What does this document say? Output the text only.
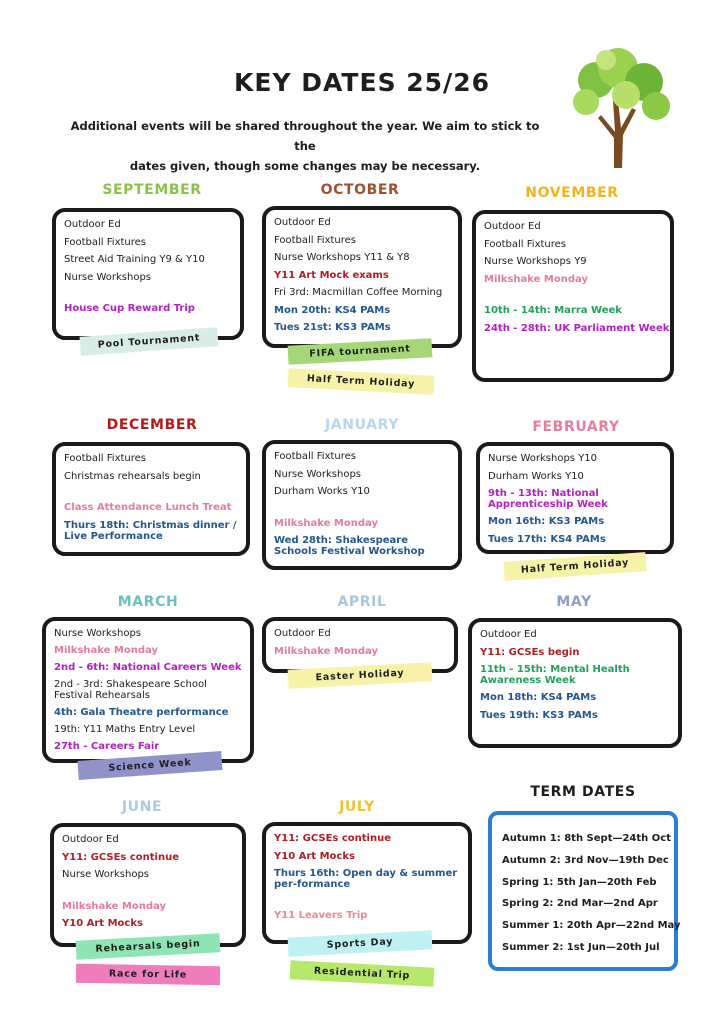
KEY DATES 25/26
Additional events will be shared throughout the year. We aim to stick to the
dates given, though some changes may be necessary.
SEPTEMBER
Outdoor Ed
Football Fixtures
Street Aid Training Y9 & Y10
Nurse Workshops
House Cup Reward Trip
Pool Tournament
OCTOBER
Outdoor Ed
Football Fixtures
Nurse Workshops Y11 & Y8
Y11 Art Mock exams
Fri 3rd: Macmillan Coffee Morning
Mon 20th: KS4 PAMs
Tues 21st: KS3 PAMs
FIFA tournament
Half Term Holiday
NOVEMBER
Outdoor Ed
Football Fixtures
Nurse Workshops Y9
Milkshake Monday
10th - 14th: Marra Week
24th - 28th: UK Parliament Week
DECEMBER
Football Fixtures
Christmas rehearsals begin
Class Attendance Lunch Treat
Thurs 18th: Christmas dinner / Live Performance
JANUARY
Football Fixtures
Nurse Workshops
Durham Works Y10
Milkshake Monday
Wed 28th: Shakespeare Schools Festival Workshop
FEBRUARY
Nurse Workshops Y10
Durham Works Y10
9th - 13th: National Apprenticeship Week
Mon 16th: KS3 PAMs
Tues 17th: KS4 PAMs
Half Term Holiday
MARCH
Nurse Workshops
Milkshake Monday
2nd - 6th: National Careers Week
2nd - 3rd: Shakespeare School Festival Rehearsals
4th: Gala Theatre performance
19th: Y11 Maths Entry Level
27th - Careers Fair
Science Week
APRIL
Outdoor Ed
Milkshake Monday
Easter Holiday
MAY
Outdoor Ed
Y11: GCSEs begin
11th - 15th: Mental Health Awareness Week
Mon 18th: KS4 PAMs
Tues 19th: KS3 PAMs
JUNE
Outdoor Ed
Y11: GCSEs continue
Nurse Workshops
Milkshake Monday
Y10 Art Mocks
Rehearsals begin
Race for Life
JULY
Y11: GCSEs continue
Y10 Art Mocks
Thurs 16th: Open day & summer per-formance
Y11 Leavers Trip
Sports Day
Residential Trip
TERM DATES
Autumn 1: 8th Sept—24th Oct
Autumn 2: 3rd Nov—19th Dec
Spring 1: 5th Jan—20th Feb
Spring 2: 2nd Mar—2nd Apr
Summer 1: 20th Apr—22nd May
Summer 2: 1st Jun—20th Jul
